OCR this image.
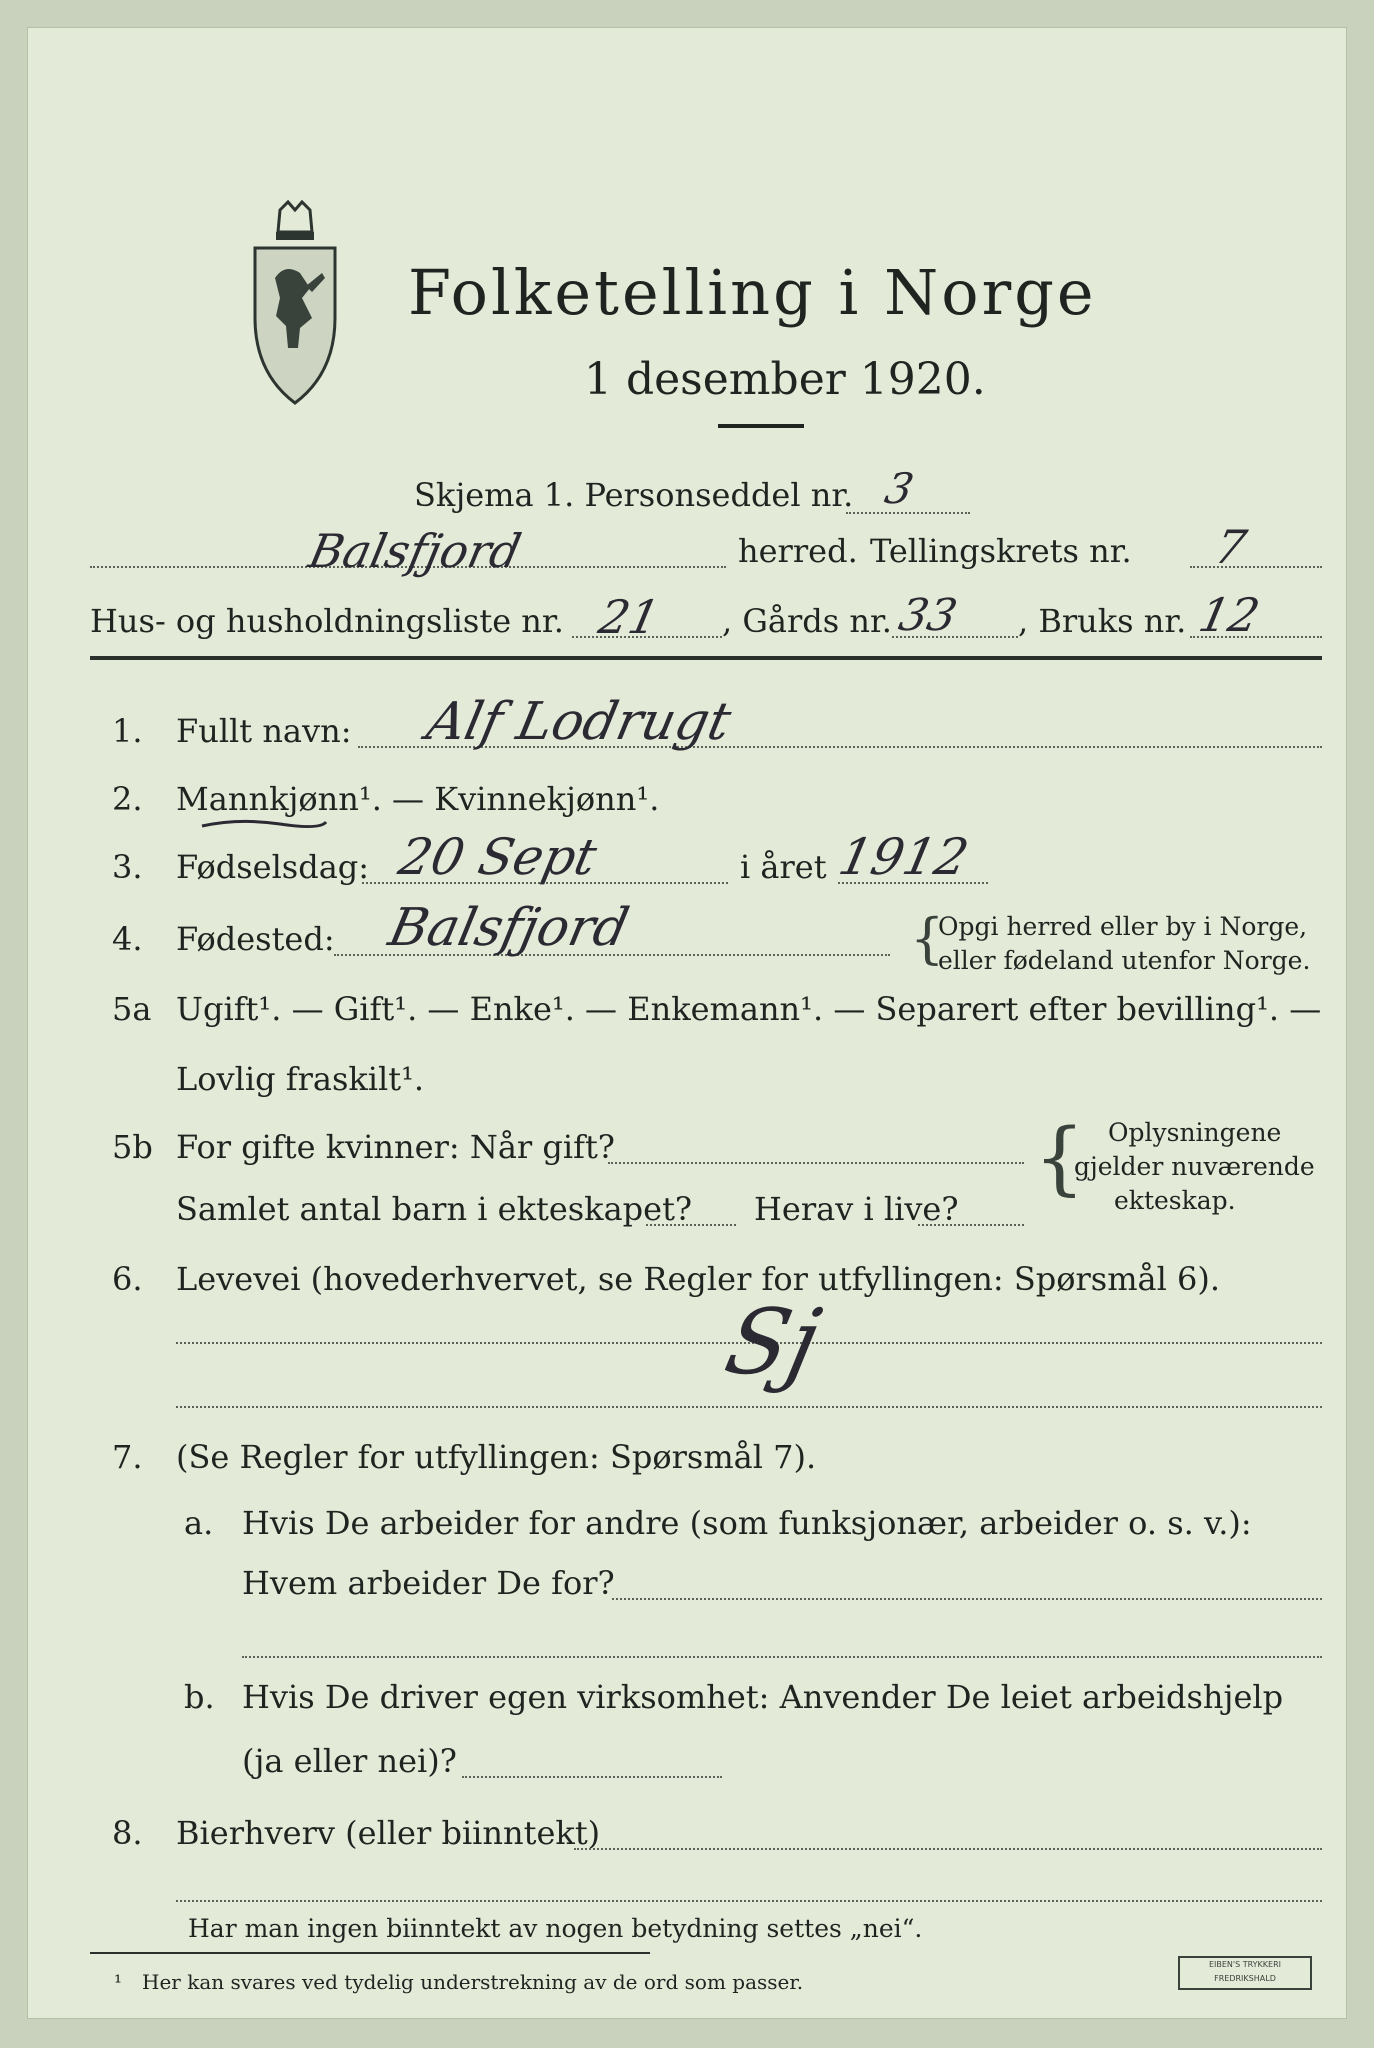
Folketelling i Norge
1 desember 1920.
Skjema 1. Personseddel nr. 3
Balsfjord	herred. Tellingskrets nr. 7
Hus- og husholdningsliste nr. 21 , Gårds nr. 33 , Bruks nr. 12
1. Fullt navn: Alf Lodrugt
2. Mannkjønn¹. — Kvinnekjønn¹.
3. Fødselsdag: 20 Sept	i året 1912
4. Fødested: Balsfjord	{
Opgi herred eller by i Norge,
eller fødeland utenfor Norge.
5a Ugift¹. — Gift¹. — Enke¹. — Enkemann¹. — Separert efter bevilling¹. —
Lovlig fraskilt¹.
5b For gifte kvinner: Når gift?
Samlet antal barn i ekteskapet? Herav i live?
{ Oplysningene
gjelder nuværende
ekteskap.
6. Levevei (hovederhvervet, se Regler for utfyllingen: Spørsmål 6).
Sj
7. (Se Regler for utfyllingen: Spørsmål 7).
a. Hvis De arbeider for andre (som funksjonær, arbeider o. s. v.):
Hvem arbeider De for?
b. Hvis De driver egen virksomhet: Anvender De leiet arbeidshjelp
(ja eller nei)?
8. Bierhverv (eller biinntekt)
Har man ingen biinntekt av nogen betydning settes „nei“.
¹ Her kan svares ved tydelig understrekning av de ord som passer.
EIBEN'S TRYKKERI FREDRIKSHALD
